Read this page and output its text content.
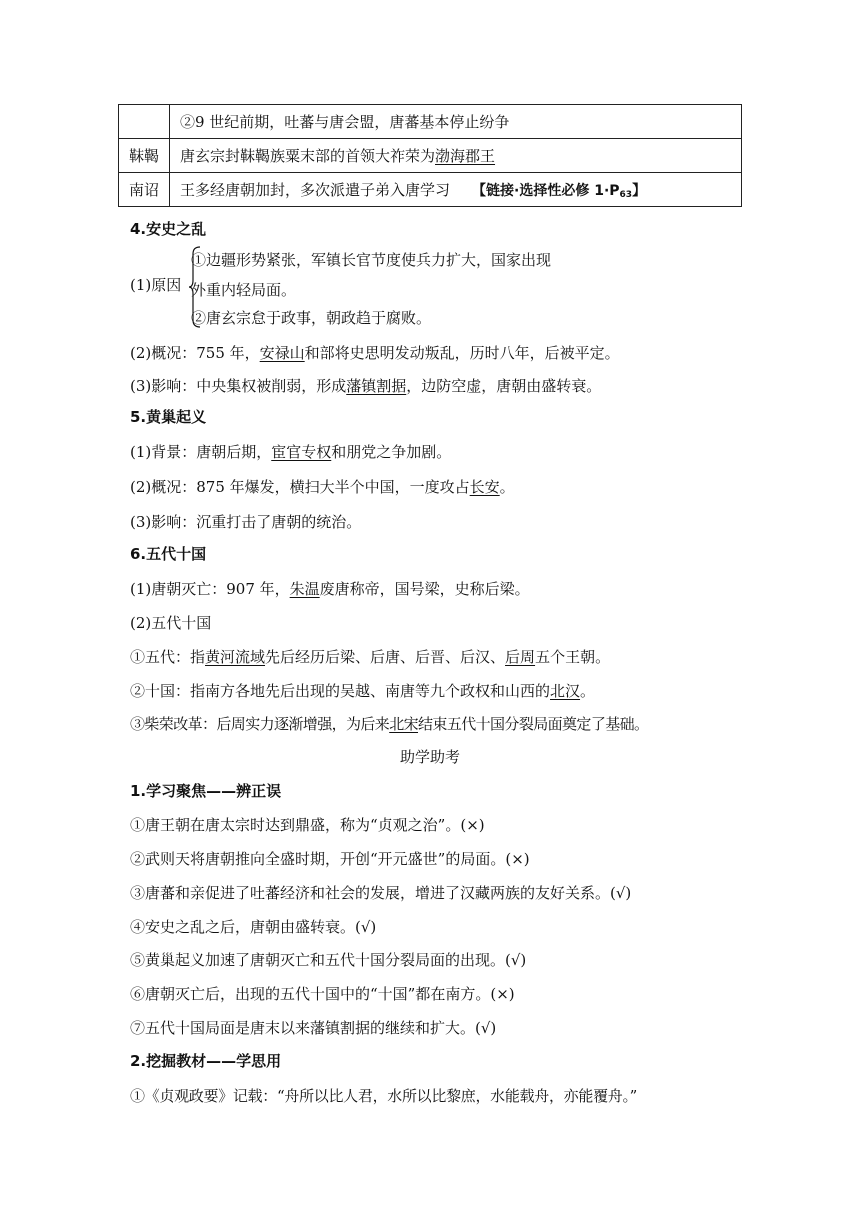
	②9 世纪前期，吐蕃与唐会盟，唐蕃基本停止纷争
靺鞨	唐玄宗封靺鞨族粟末部的首领大祚荣为渤海郡王
南诏	王多经唐朝加封，多次派遣子弟入唐学习 【链接·选择性必修 $1\cdot P_{63}$】
4.安史之乱
(1)原因
①边疆形势紧张，军镇长官节度使兵力扩大，国家出现
外重内轻局面。
②唐玄宗怠于政事，朝政趋于腐败。
(2)概况：755 年，安禄山和部将史思明发动叛乱，历时八年，后被平定。
(3)影响：中央集权被削弱，形成藩镇割据，边防空虚，唐朝由盛转衰。
5.黄巢起义
(1)背景：唐朝后期，宦官专权和朋党之争加剧。
(2)概况：875 年爆发，横扫大半个中国，一度攻占长安。
(3)影响：沉重打击了唐朝的统治。
6.五代十国
(1)唐朝灭亡：907 年，朱温废唐称帝，国号梁，史称后梁。
(2)五代十国
①五代：指黄河流域先后经历后梁、后唐、后晋、后汉、后周五个王朝。
②十国：指南方各地先后出现的吴越、南唐等九个政权和山西的北汉。
③柴荣改革：后周实力逐渐增强，为后来北宋结束五代十国分裂局面奠定了基础。
助学助考
1.学习聚焦——辨正误
①唐王朝在唐太宗时达到鼎盛，称为“贞观之治”。(×)
②武则天将唐朝推向全盛时期，开创“开元盛世”的局面。(×)
③唐蕃和亲促进了吐蕃经济和社会的发展，增进了汉藏两族的友好关系。(√)
④安史之乱之后，唐朝由盛转衰。(√)
⑤黄巢起义加速了唐朝灭亡和五代十国分裂局面的出现。(√)
⑥唐朝灭亡后，出现的五代十国中的“十国”都在南方。(×)
⑦五代十国局面是唐末以来藩镇割据的继续和扩大。(√)
2.挖掘教材——学思用
①《贞观政要》记载：“舟所以比人君，水所以比黎庶，水能载舟，亦能覆舟。”
